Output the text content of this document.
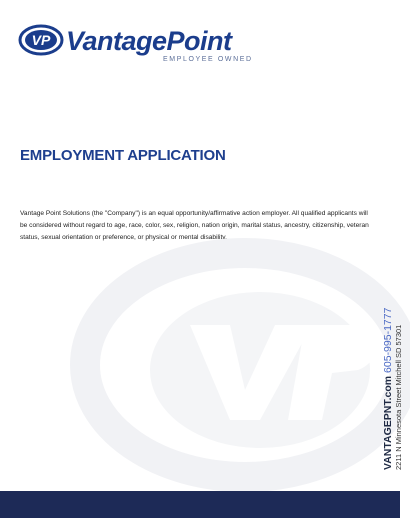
VP VantagePoint
EMPLOYEE OWNED
EMPLOYMENT APPLICATION
Vantage Point Solutions (the "Company") is an equal opportunity/affirmative action employer. All qualified applicants will be considered without regard to age, race, color, sex, religion, nation origin, marital status, ancestry, citizenship, veteran status, sexual orientation or preference, or physical or mental disability.
VANTAGEPNT.com 605-995-1777 2211 N Minnesota Street Mitchell SD 57301
